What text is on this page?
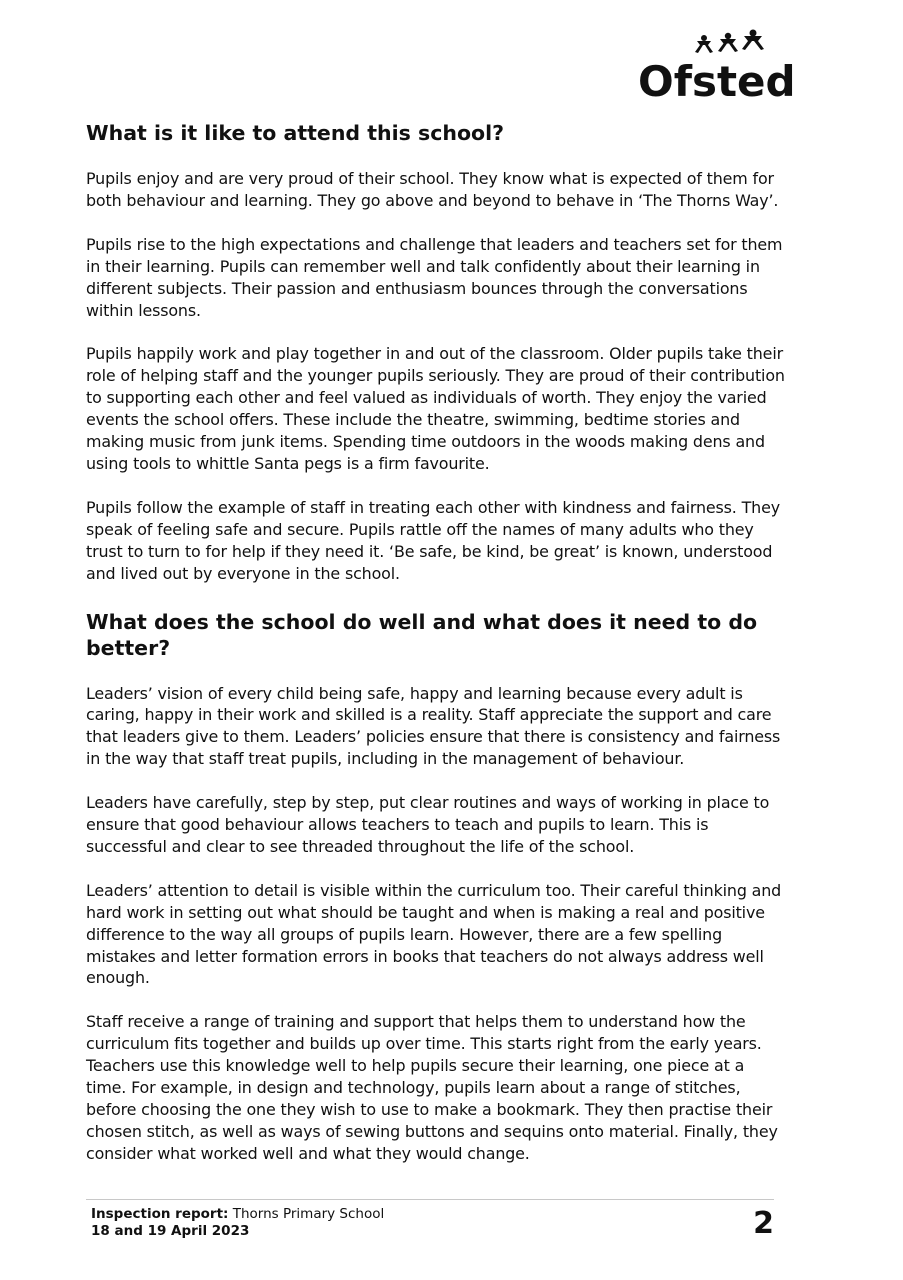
Ofsted
What is it like to attend this school?

Pupils enjoy and are very proud of their school. They know what is expected of them for both behaviour and learning. They go above and beyond to behave in ‘The Thorns Way’.

Pupils rise to the high expectations and challenge that leaders and teachers set for them in their learning. Pupils can remember well and talk confidently about their learning in different subjects. Their passion and enthusiasm bounces through the conversations within lessons.

Pupils happily work and play together in and out of the classroom. Older pupils take their role of helping staff and the younger pupils seriously. They are proud of their contribution to supporting each other and feel valued as individuals of worth. They enjoy the varied events the school offers. These include the theatre, swimming, bedtime stories and making music from junk items. Spending time outdoors in the woods making dens and using tools to whittle Santa pegs is a firm favourite.

Pupils follow the example of staff in treating each other with kindness and fairness. They speak of feeling safe and secure. Pupils rattle off the names of many adults who they trust to turn to for help if they need it. ‘Be safe, be kind, be great’ is known, understood and lived out by everyone in the school.

What does the school do well and what does it need to do better?

Leaders’ vision of every child being safe, happy and learning because every adult is caring, happy in their work and skilled is a reality. Staff appreciate the support and care that leaders give to them. Leaders’ policies ensure that there is consistency and fairness in the way that staff treat pupils, including in the management of behaviour.

Leaders have carefully, step by step, put clear routines and ways of working in place to ensure that good behaviour allows teachers to teach and pupils to learn. This is successful and clear to see threaded throughout the life of the school.

Leaders’ attention to detail is visible within the curriculum too. Their careful thinking and hard work in setting out what should be taught and when is making a real and positive difference to the way all groups of pupils learn. However, there are a few spelling mistakes and letter formation errors in books that teachers do not always address well enough.

Staff receive a range of training and support that helps them to understand how the curriculum fits together and builds up over time. This starts right from the early years. Teachers use this knowledge well to help pupils secure their learning, one piece at a time. For example, in design and technology, pupils learn about a range of stitches, before choosing the one they wish to use to make a bookmark. They then practise their chosen stitch, as well as ways of sewing buttons and sequins onto material. Finally, they consider what worked well and what they would change.

Inspection report: Thorns Primary School
18 and 19 April 2023	2
